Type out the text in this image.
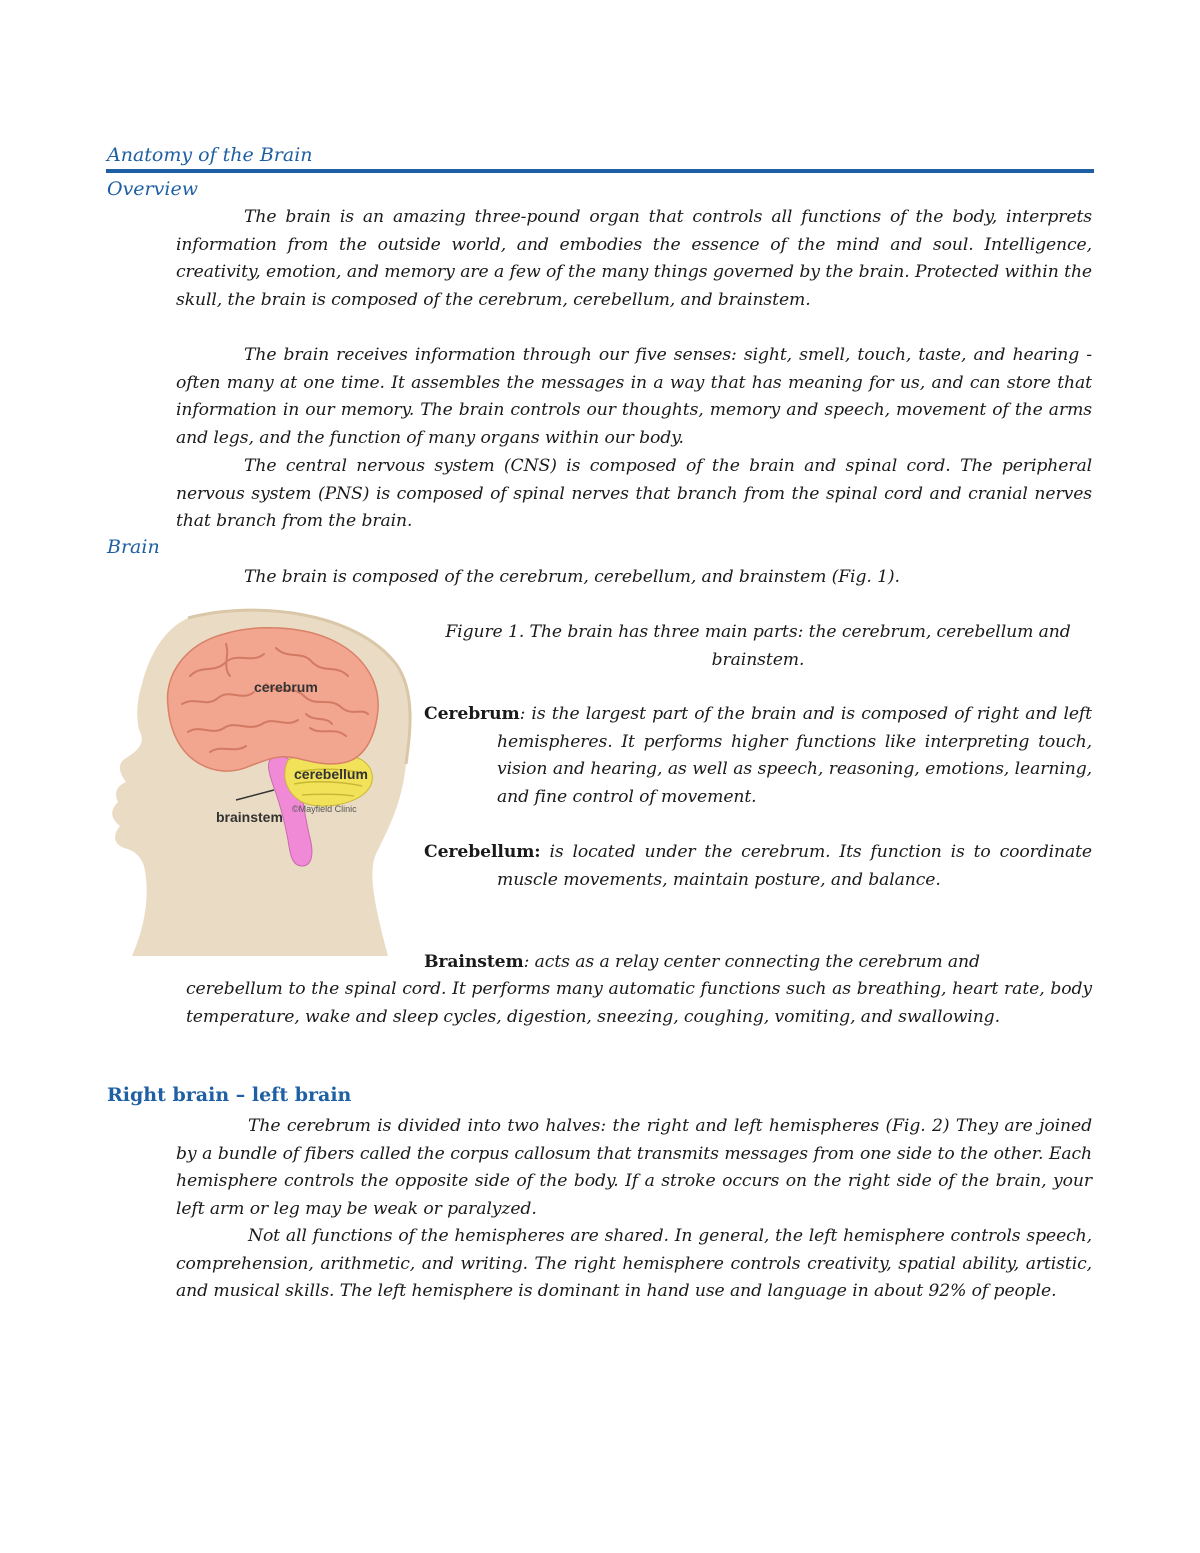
Anatomy of the Brain
Overview
The brain is an amazing three-pound organ that controls all functions of the body, interprets information from the outside world, and embodies the essence of the mind and soul. Intelligence, creativity, emotion, and memory are a few of the many things governed by the brain. Protected within the skull, the brain is composed of the cerebrum, cerebellum, and brainstem.
The brain receives information through our five senses: sight, smell, touch, taste, and hearing - often many at one time. It assembles the messages in a way that has meaning for us, and can store that information in our memory. The brain controls our thoughts, memory and speech, movement of the arms and legs, and the function of many organs within our body.
The central nervous system (CNS) is composed of the brain and spinal cord. The peripheral nervous system (PNS) is composed of spinal nerves that branch from the spinal cord and cranial nerves that branch from the brain.
Brain
The brain is composed of the cerebrum, cerebellum, and brainstem (Fig. 1).
cerebrum
cerebellum
brainstem ©Mayfield Clinic
Figure 1. The brain has three main parts: the cerebrum, cerebellum and brainstem.
Cerebrum: is the largest part of the brain and is composed of right and left hemispheres. It performs higher functions like interpreting touch, vision and hearing, as well as speech, reasoning, emotions, learning, and fine control of movement.
Cerebellum: is located under the cerebrum. Its function is to coordinate muscle movements, maintain posture, and balance.
Brainstem: acts as a relay center connecting the cerebrum and
cerebellum to the spinal cord. It performs many automatic functions such as breathing, heart rate, body temperature, wake and sleep cycles, digestion, sneezing, coughing, vomiting, and swallowing.
Right brain – left brain
The cerebrum is divided into two halves: the right and left hemispheres (Fig. 2) They are joined by a bundle of fibers called the corpus callosum that transmits messages from one side to the other. Each hemisphere controls the opposite side of the body. If a stroke occurs on the right side of the brain, your left arm or leg may be weak or paralyzed.
Not all functions of the hemispheres are shared. In general, the left hemisphere controls speech, comprehension, arithmetic, and writing. The right hemisphere controls creativity, spatial ability, artistic, and musical skills. The left hemisphere is dominant in hand use and language in about 92% of people.
